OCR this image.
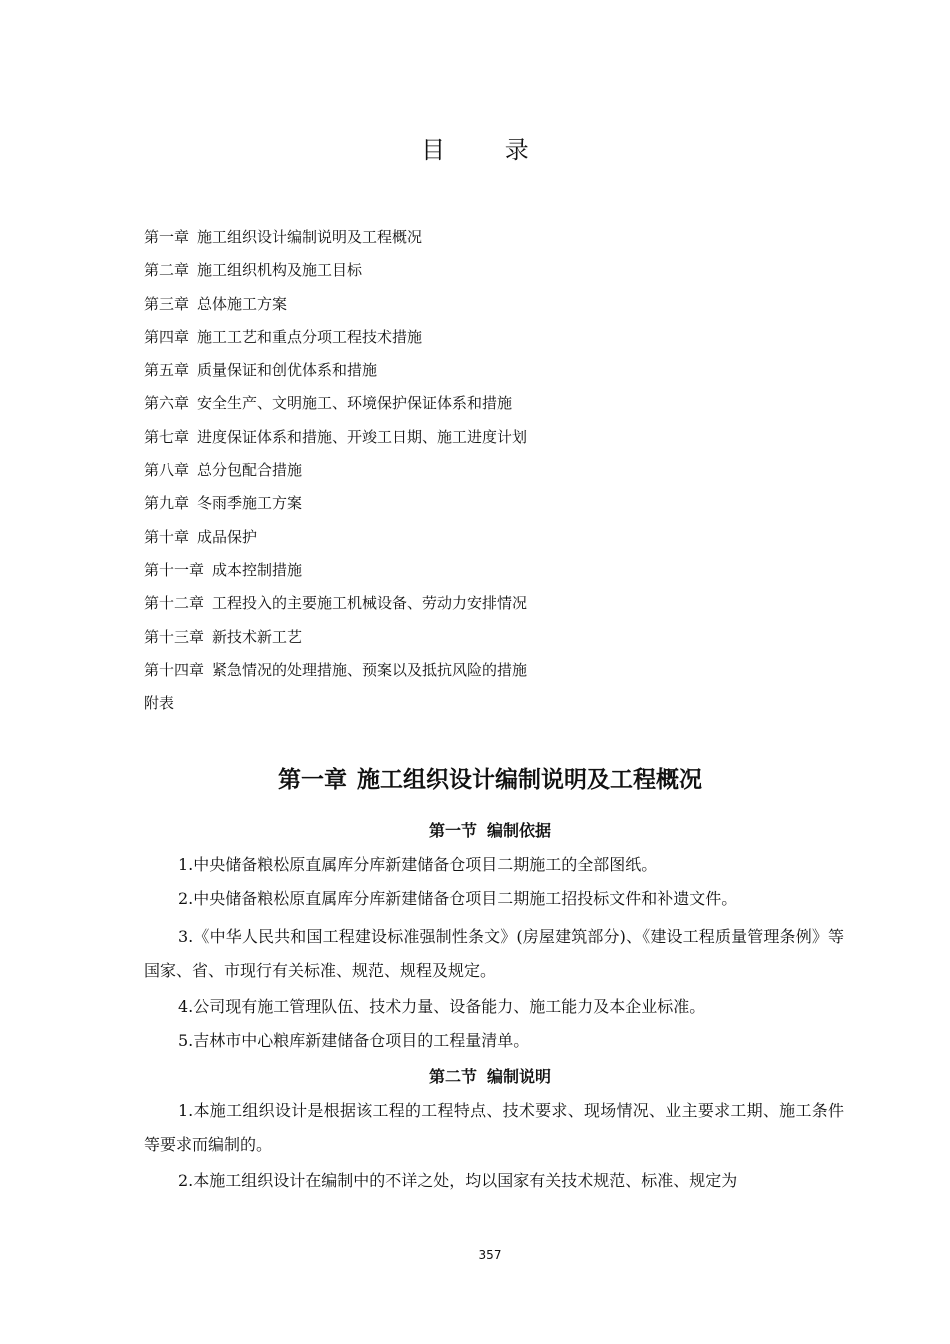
目 录
第一章 施工组织设计编制说明及工程概况
第二章 施工组织机构及施工目标
第三章 总体施工方案
第四章 施工工艺和重点分项工程技术措施
第五章 质量保证和创优体系和措施
第六章 安全生产、文明施工、环境保护保证体系和措施
第七章 进度保证体系和措施、开竣工日期、施工进度计划
第八章 总分包配合措施
第九章 冬雨季施工方案
第十章 成品保护
第十一章 成本控制措施
第十二章 工程投入的主要施工机械设备、劳动力安排情况
第十三章 新技术新工艺
第十四章 紧急情况的处理措施、预案以及抵抗风险的措施
附表
第一章 施工组织设计编制说明及工程概况
第一节 编制依据

1.中央储备粮松原直属库分库新建储备仓项目二期施工的全部图纸。

2.中央储备粮松原直属库分库新建储备仓项目二期施工招投标文件和补遗文件。

3.《中华人民共和国工程建设标准强制性条文》(房屋建筑部分)、《建设工程质量管理条例》等国家、省、市现行有关标准、规范、规程及规定。

4.公司现有施工管理队伍、技术力量、设备能力、施工能力及本企业标准。

5.吉林市中心粮库新建储备仓项目的工程量清单。

第二节 编制说明

1.本施工组织设计是根据该工程的工程特点、技术要求、现场情况、业主要求工期、施工条件等要求而编制的。

2.本施工组织设计在编制中的不详之处，均以国家有关技术规范、标准、规定为

357
